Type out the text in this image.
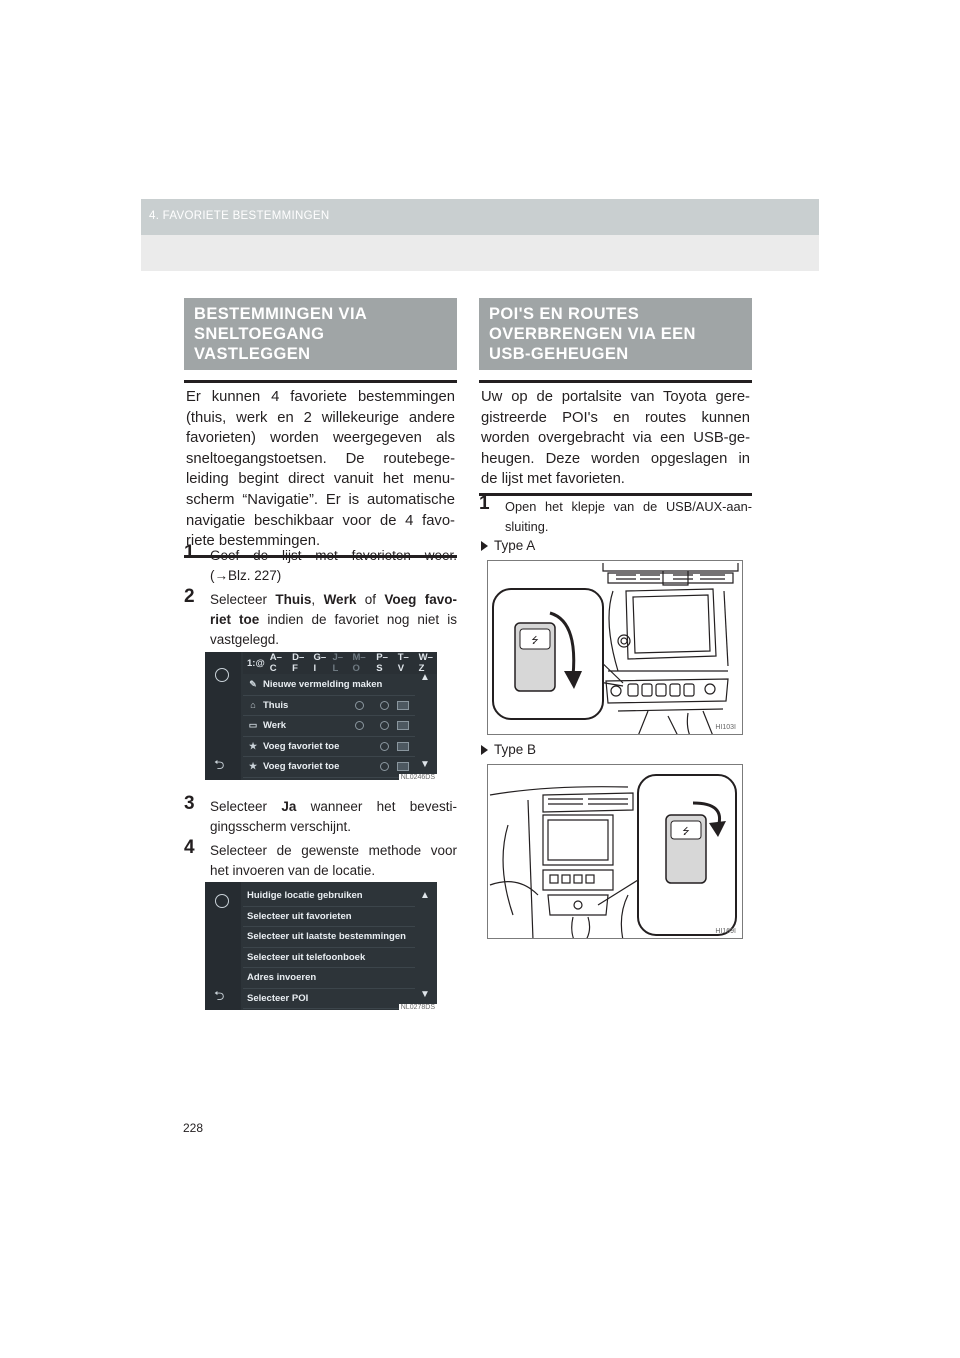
4. FAVORIETE BESTEMMINGEN
BESTEMMINGEN VIA
SNELTOEGANG
VASTLEGGEN
Er kunnen 4 favoriete bestemmingen
(thuis, werk en 2 willekeurige andere
favorieten) worden weergegeven als
sneltoegangstoetsen. De routebege-
leiding begint direct vanuit het menu-
scherm “Navigatie”. Er is automatische
navigatie beschikbaar voor de 4 favo-
riete bestemmingen.
1 Geef de lijst met favorieten weer.
(→Blz. 227)
2 Selecteer Thuis, Werk of Voeg favo-
riet toe indien de favoriet nog niet is
vastgelegd.
⮌
1:@ A–C
D–F
G–I
J–L
M–O
P–S
T–V
W–Z
✎ Nieuwe vermelding maken
⌂ Thuis
▭ Werk
★ Voeg favoriet toe
★ Voeg favoriet toe
▲
▼
NL0246DS
3 Selecteer Ja wanneer het bevesti-
gingsscherm verschijnt.
4 Selecteer de gewenste methode voor
het invoeren van de locatie.
⮌
Huidige locatie gebruiken
Selecteer uit favorieten
Selecteer uit laatste bestemmingen
Selecteer uit telefoonboek
Adres invoeren
Selecteer POI
▲
▼
NL0278DS
POI'S EN ROUTES
OVERBRENGEN VIA EEN
USB-GEHEUGEN
Uw op de portalsite van Toyota gere-
gistreerde POI's en routes kunnen
worden overgebracht via een USB-ge-
heugen. Deze worden opgeslagen in
de lijst met favorieten.
1 Open het klepje van de USB/AUX-aan-
sluiting.
Type A
⭍
HI103I
Type B
⭍
HI169I
228
